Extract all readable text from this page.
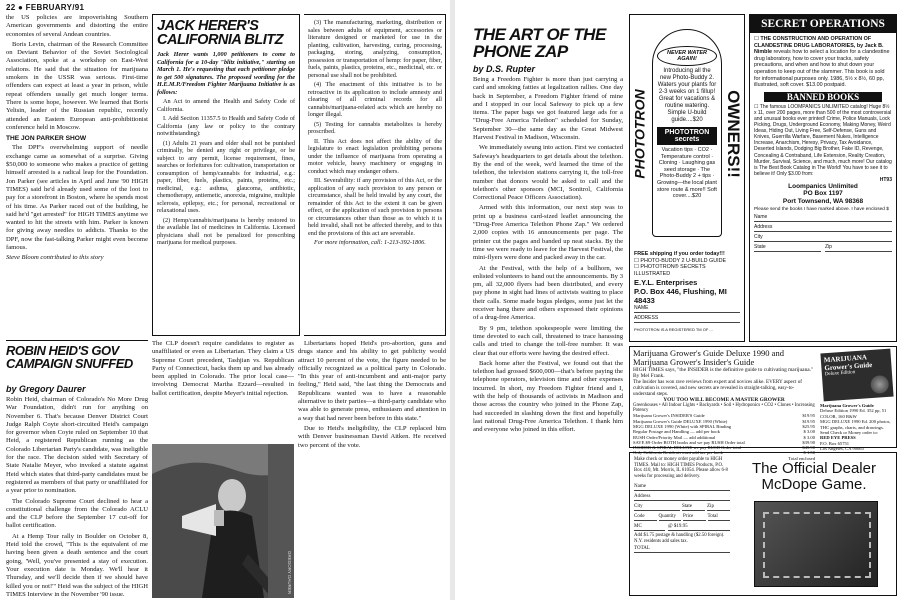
22 ● FEBRUARY/91

the US policies are impoverishing Southern American governments and distorting the entire economies of several Andean countries.

Boris Levin, chairman of the Research Committee on Deviant Behavior of the Soviet Sociological Association, spoke at a workshop on East-West relations. He said that the situation for marijuana smokers in the USSR was serious. First-time offenders can expect at least a year in prison, while repeat offenders usually get much longer terms. There is some hope, however. We learned that Boris Yeltsin, leader of the Russian republic, recently attended an Eastern European anti-prohibitionist conference held in Moscow.

THE JON PARKER SHOW

The DPF's overwhelming support of needle exchange came as somewhat of a surprise. Giving $50,000 to someone who makes a practice of getting himself arrested is a radical leap for the Foundation. Jon Parker (see articles in April and June '90 HIGH TIMES) said he'd already used some of the loot to pay for a storefront in Boston, where he spends most of his time. As Parker raced out of the building, he said he'd "get arrested" for HIGH TIMES anytime we wanted to hit the streets with him. Parker is known for giving away needles to addicts. Thanks to the DPF, now the fast-talking Parker might even become famous.

Steve Bloom contributed to this story

JACK HERER'S CALIFORNIA BLITZ

Jack Herer wants 1,000 petitioners to come to California for a 10-day "blitz initiative," starting on March 1. He's requesting that each petitioner pledge to get 500 signatures. The proposed wording for the H.E.M.P./Freedom Fighter Marijuana Initiative is as follows:

An Act to amend the Health and Safety Code of California.

I. Add Section 11357.5 to Health and Safety Code of California (any law or policy to the contrary notwithstanding):

(1) Adults 21 years and older shall not be punished criminally, be denied any right or privilege, or be subject to any permit, license requirement, fines, searches or forfeitures for: cultivation, transportation or consumption of hemp/cannabis for industrial, e.g.: paper, fiber, fuels, plastics, paints, proteins, etc.; medicinal, e.g.: asthma, glaucoma, antibiotic, chemotherapy, antiemetic, anorexia, migraine, multiple sclerosis, epilepsy, etc.; for personal, recreational or relaxational uses.

(2) Hemp/cannabis/marijuana is hereby restored to the available list of medicines in California. Licensed physicians shall not be penalized for prescribing marijuana for medical purposes.

(3) The manufacturing, marketing, distribution or sales between adults of equipment, accessories or literature designed or marketed for use in the planting, cultivation, harvesting, curing, processing, packaging, storing, analyzing, consumption, possession or transportation of hemp: for paper, fiber, fuels, paints, plastics, proteins, etc., medicinal, etc. or personal use shall not be prohibited.

(4) The enactment of this initiative is to be retroactive in its application to include amnesty and clearing of all criminal records for all cannabis/marijuana-related acts which are hereby no longer illegal.

(5) Testing for cannabis metabolites is hereby proscribed.

II. This Act does not affect the ability of the legislature to enact legislation prohibiting persons under the influence of marijuana from operating a motor vehicle, heavy machinery or engaging in conduct which may endanger others.

III. Severability: if any provision of this Act, or the application of any such provision to any person or circumstance, shall be held invalid by any court, the remainder of this Act to the extent it can be given effect, or the application of such provision to persons or circumstances other than those as to which it is held invalid, shall not be affected thereby, and to this end the provisions of this act are severable.

For more information, call: 1-213-392-1806.

ROBIN HEID'S GOV CAMPAIGN SNUFFED
by Gregory Daurer

Robin Heid, chairman of Colorado's No More Drug War Foundation, didn't run for anything on November 6. That's because Denver District Court Judge Ralph Coyte short-circuited Heid's campaign for governor when Coyte ruled on September 10 that Heid, a registered Republican running as the Colorado Libertarian Party's candidate, was ineligible for the race. The decision sided with Secretary of State Natalie Meyer, who invoked a statute against Heid which states that third-party candidates must be registered as members of that party or unaffiliated for a year prior to nomination.

The Colorado Supreme Court declined to hear a constitutional challenge from the Colorado ACLU and the CLP before the September 17 cut-off for ballot certification.

At a Hemp Tour rally in Boulder on October 8, Heid told the crowd, "This is the equivalent of me having been given a death sentence and the court going, 'Well, you've presented a stay of execution. Your execution date is Monday. We'll hear it Thursday, and we'll decide then if we should have killed you or not!'" Heid was the subject of the HIGH TIMES Interview in the November '90 issue.

The CLP doesn't require candidates to register as unaffiliated or even as Libertarian. They claim a US Supreme Court precedent, Tashjian vs. Republican Party of Connecticut, backs them up and has already been applied in Colorado. The prior local case—involving Democrat Martha Ezzard—resulted in ballot certification, despite Meyer's initial rejection.

GREGORY DAURER

Libertarians hoped Heid's pro-abortion, guns and drugs stance and his ability to get publicity would attract 10 percent of the vote, the figure needed to be officially recognized as a political party in Colorado. "In this year of anti-incumbent and anti-major party feeling," Heid said, "the last thing the Democrats and Republicans wanted was to have a reasonable alternative to their parties—a third-party candidate who was able to generate press, enthusiasm and attention in a way that had never been before in this state."

Due to Heid's ineligibility, the CLP replaced him with Denver businessman David Aitken. He received two percent of the vote.

THE ART OF THE PHONE ZAP
by D.S. Rupter

Being a Freedom Fighter is more than just carrying a card and smoking fatties at legalization rallies. One day back in September, a Freedom Fighter friend of mine and I stopped in our local Safeway to pick up a few items. The paper bags we got featured large ads for a "Drug-Free America Telethon" scheduled for Sunday, September 30—the same day as the Great Midwest Harvest Festival in Madison, Wisconsin.

We immediately swung into action. First we contacted Safeway's headquarters to get details about the telethon. By the end of the week, we'd learned the time of the telethon, the television stations carrying it, the toll-free number that donors would be asked to call and the telethon's other sponsors (MCI, Sonitrol, California Correctional Peace Officers Association).

Armed with this information, our next step was to print up a business card-sized leaflet announcing the "Drug-Free America Telethon Phone Zap." We ordered 2,000 copies with 16 announcements per page. The printer cut the pages and banded up neat stacks. By the time we were ready to leave for the Harvest Festival, the mini-flyers were done and packed away in the car.

At the Festival, with the help of a bullhorn, we enlisted volunteers to hand out the announcements. By 3 pm, all 32,000 flyers had been distributed, and every pay phone in sight had lines of activists waiting to place their calls. Some made bogus pledges, some just let the receiver hang there and others expressed their opinions of a drug-free America.

By 9 pm, telethon spokespeople were limiting the time devoted to each call, threatened to trace harassing calls and tried to change the toll-free number. It was clear that our efforts were having the desired effect.

Back home after the Festival, we found out that the telethon had grossed $600,000—that's before paying the telephone operators, television time and other expenses incurred. In short, my Freedom Fighter friend and I, with the help of thousands of activists in Madison and those across the country who joined in the Phone Zap, had succeeded in slashing down the first and hopefully last national Drug-Free America Telethon. I thank him and everyone who joined in this effort.

PHOTOTRON	OWNERS!!
NEVER WATER AGAIN!
Introducing all the new Photo-Buddy 2. Waters your plants for 2-3 weeks on 1 fillup! Great for vacations & routine watering. Simple U-build guide....$20
PHOTOTRON secrets
Vacation tips · CO2 · Temperature control · Cloning · Laughing gas seed storage · The Photo-Buddy 2 + tips · Growing—the local plant store route & more!! Soft cover....$20
FREE shipping if you order today!!!
☐ PHOTO-BUDDY 2 U-BUILD GUIDE
☐ PHOTOTRON® SECRETS ILLUSTRATED
E.Y.L. Enterprises
P.O. Box 446, Flushing, MI 48433
NAME
ADDRESS
PHOTOTRON IS A REGISTERED TM OF ...
SECRET OPERATIONS
☐ THE CONSTRUCTION AND OPERATION OF CLANDESTINE DRUG LABORATORIES, by Jack B. Nimble reveals how to select a location for a clandestine drug laboratory, how to cover your tracks, safety precautions, and when and how to shut down your operation to keep out of the slammer. This book is sold for informational purposes only. 1986, 5½ x 8½, 60 pp, illustrated, soft cover. $13.00 postpaid.
BANNED BOOKS
☐ The famous LOOMPANICS UNLIMITED catalog! Huge 8½ x 11, over 200 pages, more than 500 of the most controversial and unusual books ever printed! Crime, Police Manuals, Lock Picking, Drugs, Underground Economy, Making Money, Weird Ideas, Hiding Out, Living Free, Self-Defense, Guns and Knives, Guerrilla Warfare, Basement Nukes, Intelligence Increase, Anarchism, Heresy, Privacy, Tax Avoidance, Deserted Islands, Dodging Big Brother, Fake ID, Revenge, Concealing & Contraband, Life Extension, Reality Creation, Murder, Survival, Science, and much, much more! Our catalog is The Best Book Catalog in The World! You have to see it to believe it! Only $3.00 from:
HT93
Loompanics Unlimited
PO Box 1197
Port Townsend, WA 98368
Please send the books I have marked above. I have enclosed $
Name
Address
City
State	Zip
Marijuana Grower's Guide Deluxe 1990 and Marijuana Grower's Insider's Guide
HIGH TIMES says, "the INSIDER is the definitive guide to cultivating marijuana." By Mel Frank.
The Insider has won rave reviews from expert and novices alike. EVERY aspect of cultivation is covered, and new secrets are revealed in straight-talking, easy-to-understand steps.
YOU TOO WILL BECOME A MASTER GROWER
Greenhouses • All Indoor Lights • Backyards • Soil • Hydroponics • CO2 • Clones • Increasing Potency
Marijuana Grower's INSIDER'S Guide	$19.95
Marijuana Grower's Guide DELUXE 1990 (White)	$19.95
MGG DELUXE 1990 (White) with SPIRAL Binding	$25.95
Regular Postage and Handling — add per book	$ 3.00
RUSH Order/Priority Mail — add additional	$ 3.00
SAVE $9·Order BOTH books and we pay RUSH Order total	$39.90
INSIDER & SPIRAL DELUXE we pay RUSH Order total	$45.90
Only California Residents must add tax per book	$ 1.50
Total enclosed
MARIJUANA Grower's Guide
Deluxe Edition
Marijuana Grower's Guide
Deluxe Edition 1990 Ed. 352 pp, 51 COLOR, 160 B&W
MGG DELUXE 1990 Ed. 200 photos, THC graphs, charts, and drawings.
Send Check or Money order to:
RED EYE PRESS
P.O. Box 65751
Los Angeles, CA 90065
Make check or money order payable to HIGH TIMES. Mail to: HIGH TIMES Products, P.O. Box 410, Mt. Morris, IL 61054. Please allow 6-8 weeks for processing and delivery.
Name
Address
City	State	Zip
Code	Quantity	Price	Total
MC	@ $19.95
Add $1.75 postage & handling ($2.50 foreign).
N.Y. residents add sales tax.
TOTAL
The Official Dealer McDope Game.
